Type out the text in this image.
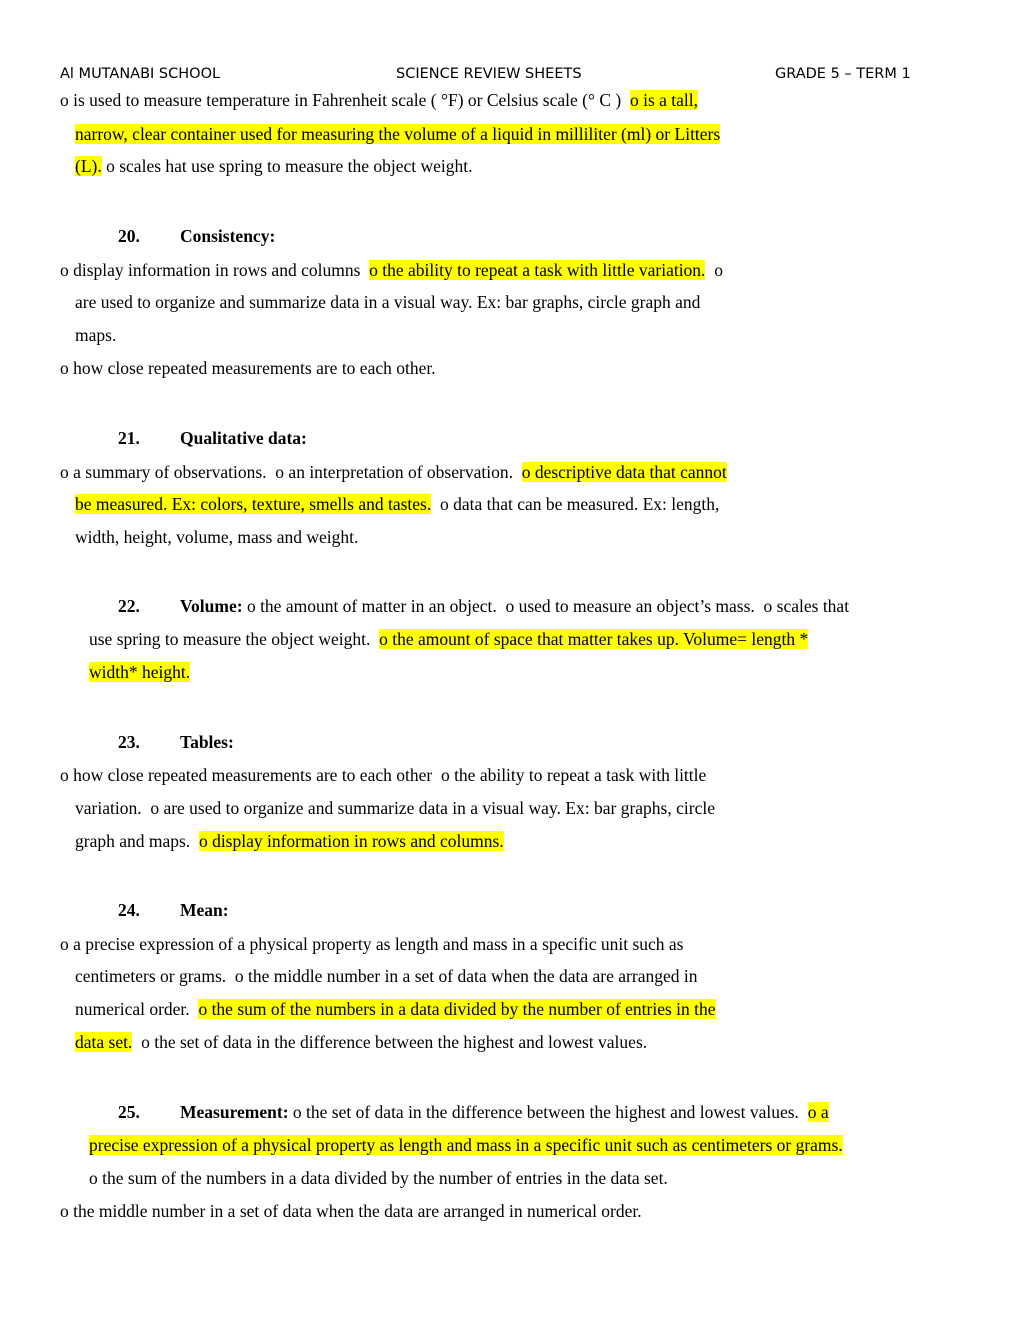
Al MUTANABI SCHOOL	SCIENCE REVIEW SHEETS	GRADE 5 – TERM 1
o is used to measure temperature in Fahrenheit scale ( °F) or Celsius scale (° C )  o is a tall,
narrow, clear container used for measuring the volume of a liquid in milliliter (ml) or Litters
(L). o scales hat use spring to measure the object weight.
20. Consistency:
o display information in rows and columns  o the ability to repeat a task with little variation.  o
are used to organize and summarize data in a visual way. Ex: bar graphs, circle graph and
maps.
o how close repeated measurements are to each other.
21. Qualitative data:
o a summary of observations.  o an interpretation of observation.  o descriptive data that cannot
be measured. Ex: colors, texture, smells and tastes.  o data that can be measured. Ex: length,
width, height, volume, mass and weight.
22.	Volume: o the amount of matter in an object.  o used to measure an object’s mass.  o scales that
use spring to measure the object weight.  o the amount of space that matter takes up. Volume= length *
width* height.
23. Tables:
o how close repeated measurements are to each other  o the ability to repeat a task with little
variation.  o are used to organize and summarize data in a visual way. Ex: bar graphs, circle
graph and maps.  o display information in rows and columns.
24. Mean:
o a precise expression of a physical property as length and mass in a specific unit such as
centimeters or grams.  o the middle number in a set of data when the data are arranged in
numerical order.  o the sum of the numbers in a data divided by the number of entries in the
data set.  o the set of data in the difference between the highest and lowest values.
25. Measurement: o the set of data in the difference between the highest and lowest values.  o a
precise expression of a physical property as length and mass in a specific unit such as centimeters or grams.
o the sum of the numbers in a data divided by the number of entries in the data set.
o the middle number in a set of data when the data are arranged in numerical order.
